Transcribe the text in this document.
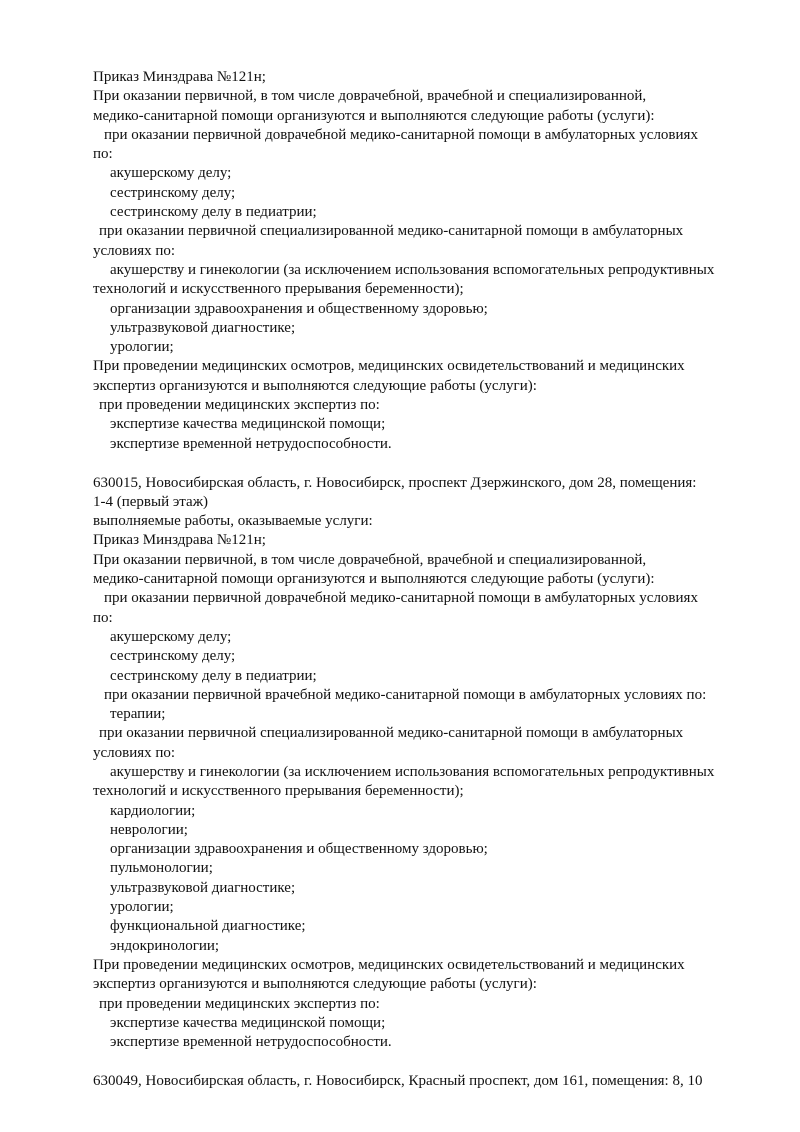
Приказ Минздрава №121н;
При оказании первичной, в том числе доврачебной, врачебной и специализированной,
медико-санитарной помощи организуются и выполняются следующие работы (услуги):
при оказании первичной доврачебной медико-санитарной помощи в амбулаторных условиях
по:
акушерскому делу;
сестринскому делу;
сестринскому делу в педиатрии;
при оказании первичной специализированной медико-санитарной помощи в амбулаторных
условиях по:
акушерству и гинекологии (за исключением использования вспомогательных репродуктивных
технологий и искусственного прерывания беременности);
организации здравоохранения и общественному здоровью;
ультразвуковой диагностике;
урологии;
При проведении медицинских осмотров, медицинских освидетельствований и медицинских
экспертиз организуются и выполняются следующие работы (услуги):
при проведении медицинских экспертиз по:
экспертизе качества медицинской помощи;
экспертизе временной нетрудоспособности.
630015, Новосибирская область, г. Новосибирск, проспект Дзержинского, дом 28, помещения:
1-4 (первый этаж)
выполняемые работы, оказываемые услуги:
Приказ Минздрава №121н;
При оказании первичной, в том числе доврачебной, врачебной и специализированной,
медико-санитарной помощи организуются и выполняются следующие работы (услуги):
при оказании первичной доврачебной медико-санитарной помощи в амбулаторных условиях
по:
акушерскому делу;
сестринскому делу;
сестринскому делу в педиатрии;
при оказании первичной врачебной медико-санитарной помощи в амбулаторных условиях по:
терапии;
при оказании первичной специализированной медико-санитарной помощи в амбулаторных
условиях по:
акушерству и гинекологии (за исключением использования вспомогательных репродуктивных
технологий и искусственного прерывания беременности);
кардиологии;
неврологии;
организации здравоохранения и общественному здоровью;
пульмонологии;
ультразвуковой диагностике;
урологии;
функциональной диагностике;
эндокринологии;
При проведении медицинских осмотров, медицинских освидетельствований и медицинских
экспертиз организуются и выполняются следующие работы (услуги):
при проведении медицинских экспертиз по:
экспертизе качества медицинской помощи;
экспертизе временной нетрудоспособности.
630049, Новосибирская область, г. Новосибирск, Красный проспект, дом 161, помещения: 8, 10
